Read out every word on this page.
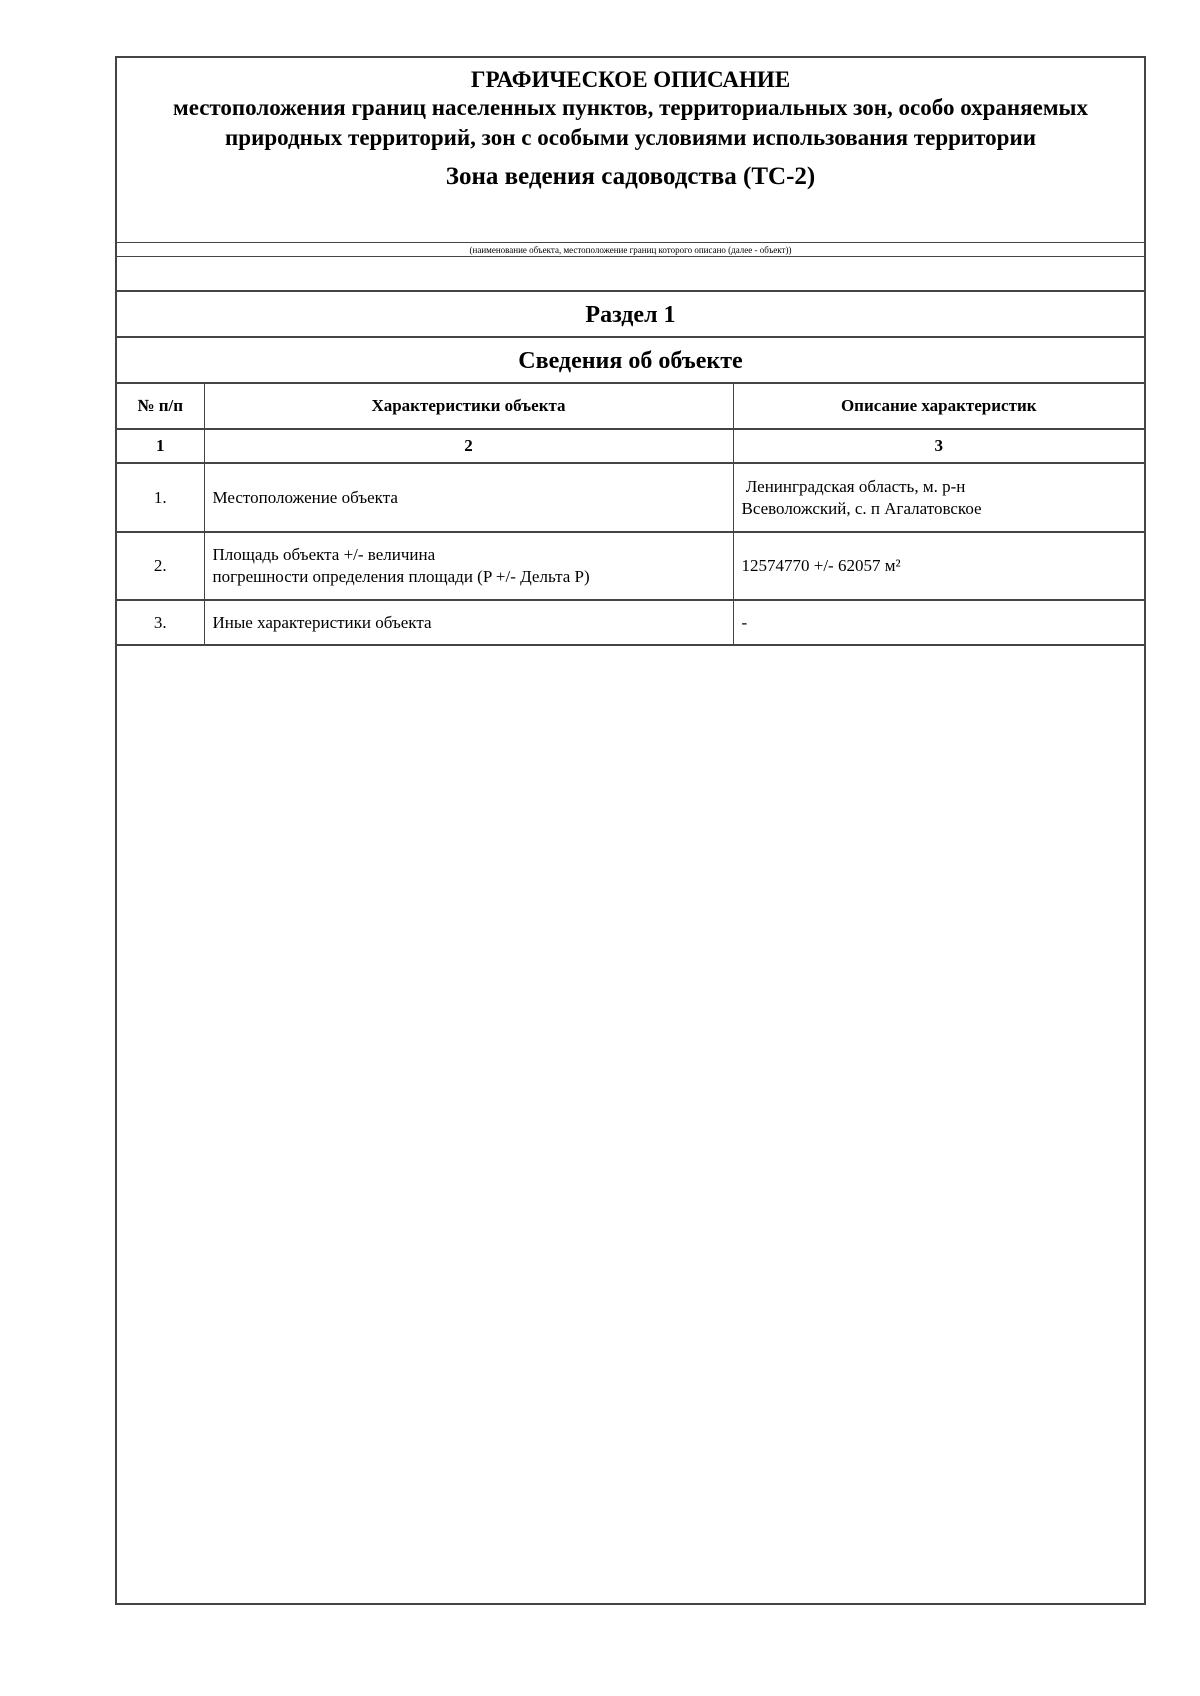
ГРАФИЧЕСКОЕ ОПИСАНИЕ
местоположения границ населенных пунктов, территориальных зон, особо охраняемых природных территорий, зон с особыми условиями использования территории
Зона ведения садоводства (ТС-2)
(наименование объекта, местоположение границ которого описано (далее - объект))
Раздел 1
Сведения об объекте
№ п/п	Характеристики объекта	Описание характеристик
1	2	3
1.	Местоположение объекта	Ленинградская область, м. р-н
Всеволожский, с. п Агалатовское

2.	Площадь объекта +/- величина
погрешности определения площади (P +/- Дельта P)	12574770 +/- 62057 м²

3.	Иные характеристики объекта	-
